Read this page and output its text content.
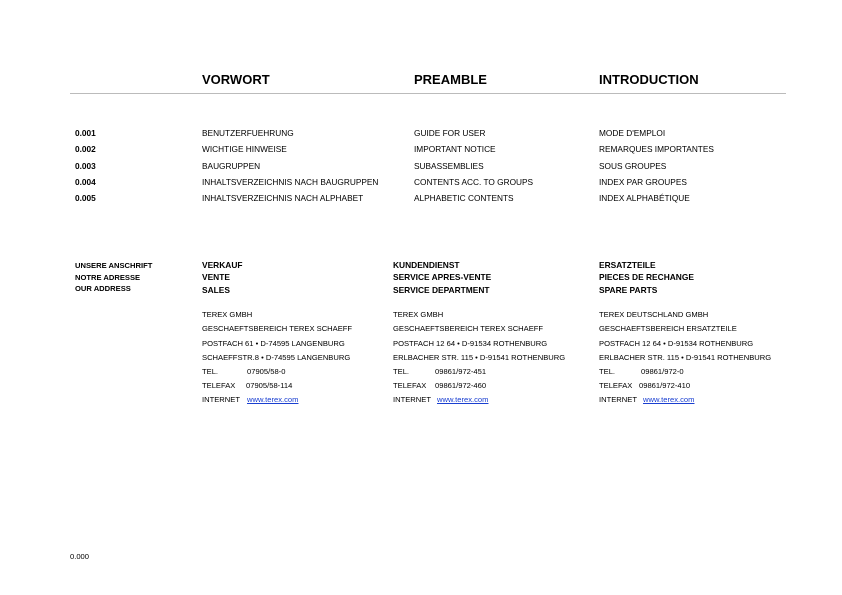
VORWORT	PREAMBLE	INTRODUCTION
0.001	BENUTZERFUEHRUNG	GUIDE FOR USER	MODE D'EMPLOI
0.002	WICHTIGE HINWEISE	IMPORTANT NOTICE	REMARQUES IMPORTANTES
0.003	BAUGRUPPEN	SUBASSEMBLIES	SOUS GROUPES
0.004	INHALTSVERZEICHNIS NACH BAUGRUPPEN	CONTENTS ACC. TO GROUPS	INDEX PAR GROUPES
0.005	INHALTSVERZEICHNIS NACH ALPHABET	ALPHABETIC CONTENTS	INDEX ALPHABÉTIQUE
UNSERE ANSCHRIFT
NOTRE ADRESSE
OUR ADDRESS
VERKAUF
VENTE
SALES
TEREX GMBH
GESCHAEFTSBEREICH TEREX SCHAEFF
POSTFACH 61 • D-74595 LANGENBURG
SCHAEFFSTR.8 • D-74595 LANGENBURG
TEL.	07905/58-0
TELEFAX 07905/58-114
INTERNET www.terex.com
KUNDENDIENST
SERVICE APRES-VENTE
SERVICE DEPARTMENT
TEREX GMBH
GESCHAEFTSBEREICH TEREX SCHAEFF
POSTFACH 12 64 • D-91534 ROTHENBURG
ERLBACHER STR. 115 • D-91541 ROTHENBURG
TEL.	09861/972-451
TELEFAX 09861/972-460
INTERNET www.terex.com
ERSATZTEILE
PIECES DE RECHANGE
SPARE PARTS
TEREX DEUTSCHLAND GMBH
GESCHAEFTSBEREICH ERSATZTEILE
POSTFACH 12 64 • D-91534 ROTHENBURG
ERLBACHER STR. 115 • D-91541 ROTHENBURG
TEL.	09861/972-0
TELEFAX 09861/972-410
INTERNET www.terex.com
0.000
